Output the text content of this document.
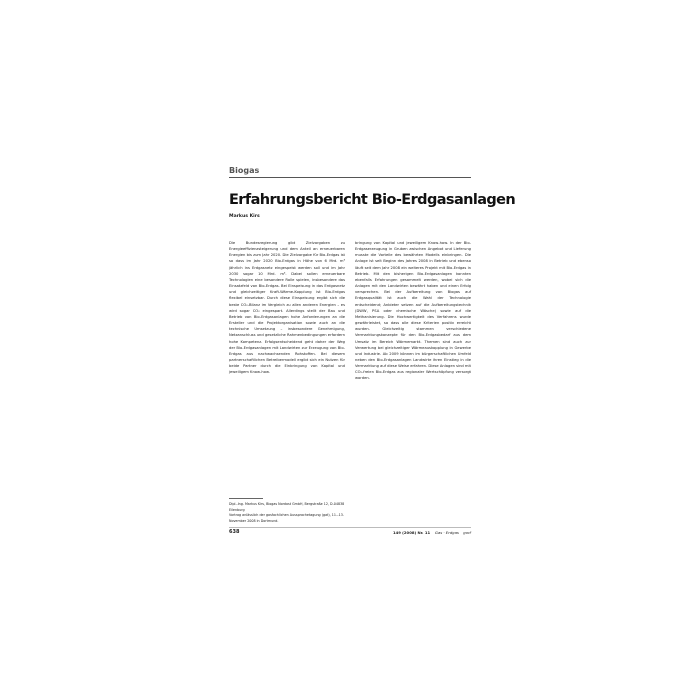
Biogas
Erfahrungsbericht Bio-Erdgasanlagen
Markus Kirs
Die Bundesregierung gibt Zielvorgaben zu Energieeffizienzsteigerung und dem Anteil an erneuerbaren Energien bis zum Jahr 2020. Die Zielvorgabe für Bio-Erdgas ist so dass im Jahr 2020 Bio-Erdgas in Höhe von 6 Mrd. m³ jährlich ins Erdgasnetz eingespeist werden soll und im Jahr 2030 sogar 10 Mrd. m³. Dabei sollen erneuerbare Technologien eine besondere Rolle spielen, insbesondere das Einsatzfeld von Bio-Erdgas. Bei Einspeisung in das Erdgasnetz und gleichzeitiger Kraft-Wärme-Kopplung ist Bio-Erdgas flexibel einsetzbar. Durch diese Einspeisung ergibt sich die beste CO₂-Bilanz im Vergleich zu allen anderen Energien – es wird sogar CO₂ eingespart. Allerdings stellt der Bau und Betrieb von Bio-Erdgasanlagen hohe Anforderungen an die Ersteller und die Projektorganisation sowie auch an die technische Umsetzung – insbesondere Genehmigung, Netzanschluss und gesetzliche Rahmenbedingungen erfordern hohe Kompetenz. Erfolgsentscheidend geht daher der Weg der Bio-Erdgasanlagen mit Landwirten zur Erzeugung von Bio-Erdgas aus nachwachsenden Rohstoffen. Bei diesem partnerschaftlichen Betreibermodell ergibt sich ein Nutzen für beide Partner durch die Einbringung von Kapital und jeweiligem Know-how.
bringung von Kapital und jeweiligem Know-how. In der Bio-Erdgaserzeugung in Gruben zwischen Angebot und Lieferung musste die Vorteile des bewährten Modells einbringen. Die Anlage ist seit Beginn des Jahres 2008 in Betrieb und ebenso läuft seit dem Jahr 2008 ein weiteres Projekt mit Bio-Erdgas in Betrieb. Mit den bisherigen Bio-Erdgasanlagen konnten ebenfalls Erfahrungen gesammelt werden, wobei sich die Anlagen mit den Landwirten bewährt haben und einen Erfolg versprechen. Bei der Aufbereitung von Biogas auf Erdgasqualität ist auch die Wahl der Technologie entscheidend; Anbieter setzen auf die Aufbereitungstechnik (DWW, PSA oder chemische Wäsche) sowie auf die Methanisierung. Die Hochwertigkeit des Verfahrens wurde gewährleistet, so dass alle diese Kriterien positiv erreicht wurden. Gleichzeitig stammen verschiedene Vermarktungskonzepte für den Bio-Erdgasbedarf aus dem Umsatz im Bereich Wärmemarkt. Themen sind auch zur Verwertung bei gleichzeitiger Wärmeauskopplung in Gewerbe und Industrie. Ab 2009 können im bürgerschaftlichen Umfeld neben den Bio-Erdgasanlagen Landwirte ihren Einstieg in die Vermarktung auf diese Weise erfahren. Diese Anlagen sind mit CO₂-freien Bio-Erdgas aus regionaler Wertschöpfung versorgt worden.
Dipl.-Ing. Markus Kirs, Biogas Nordost GmbH, Bergstraße 12, D-04838
Eilenburg
Vortrag anlässlich der gasfachlichen Aussprachetagung (gat), 11.–13. November 2008 in Dortmund.
638	149 (2008) Nr. 11 Gas · Erdgas gwf
